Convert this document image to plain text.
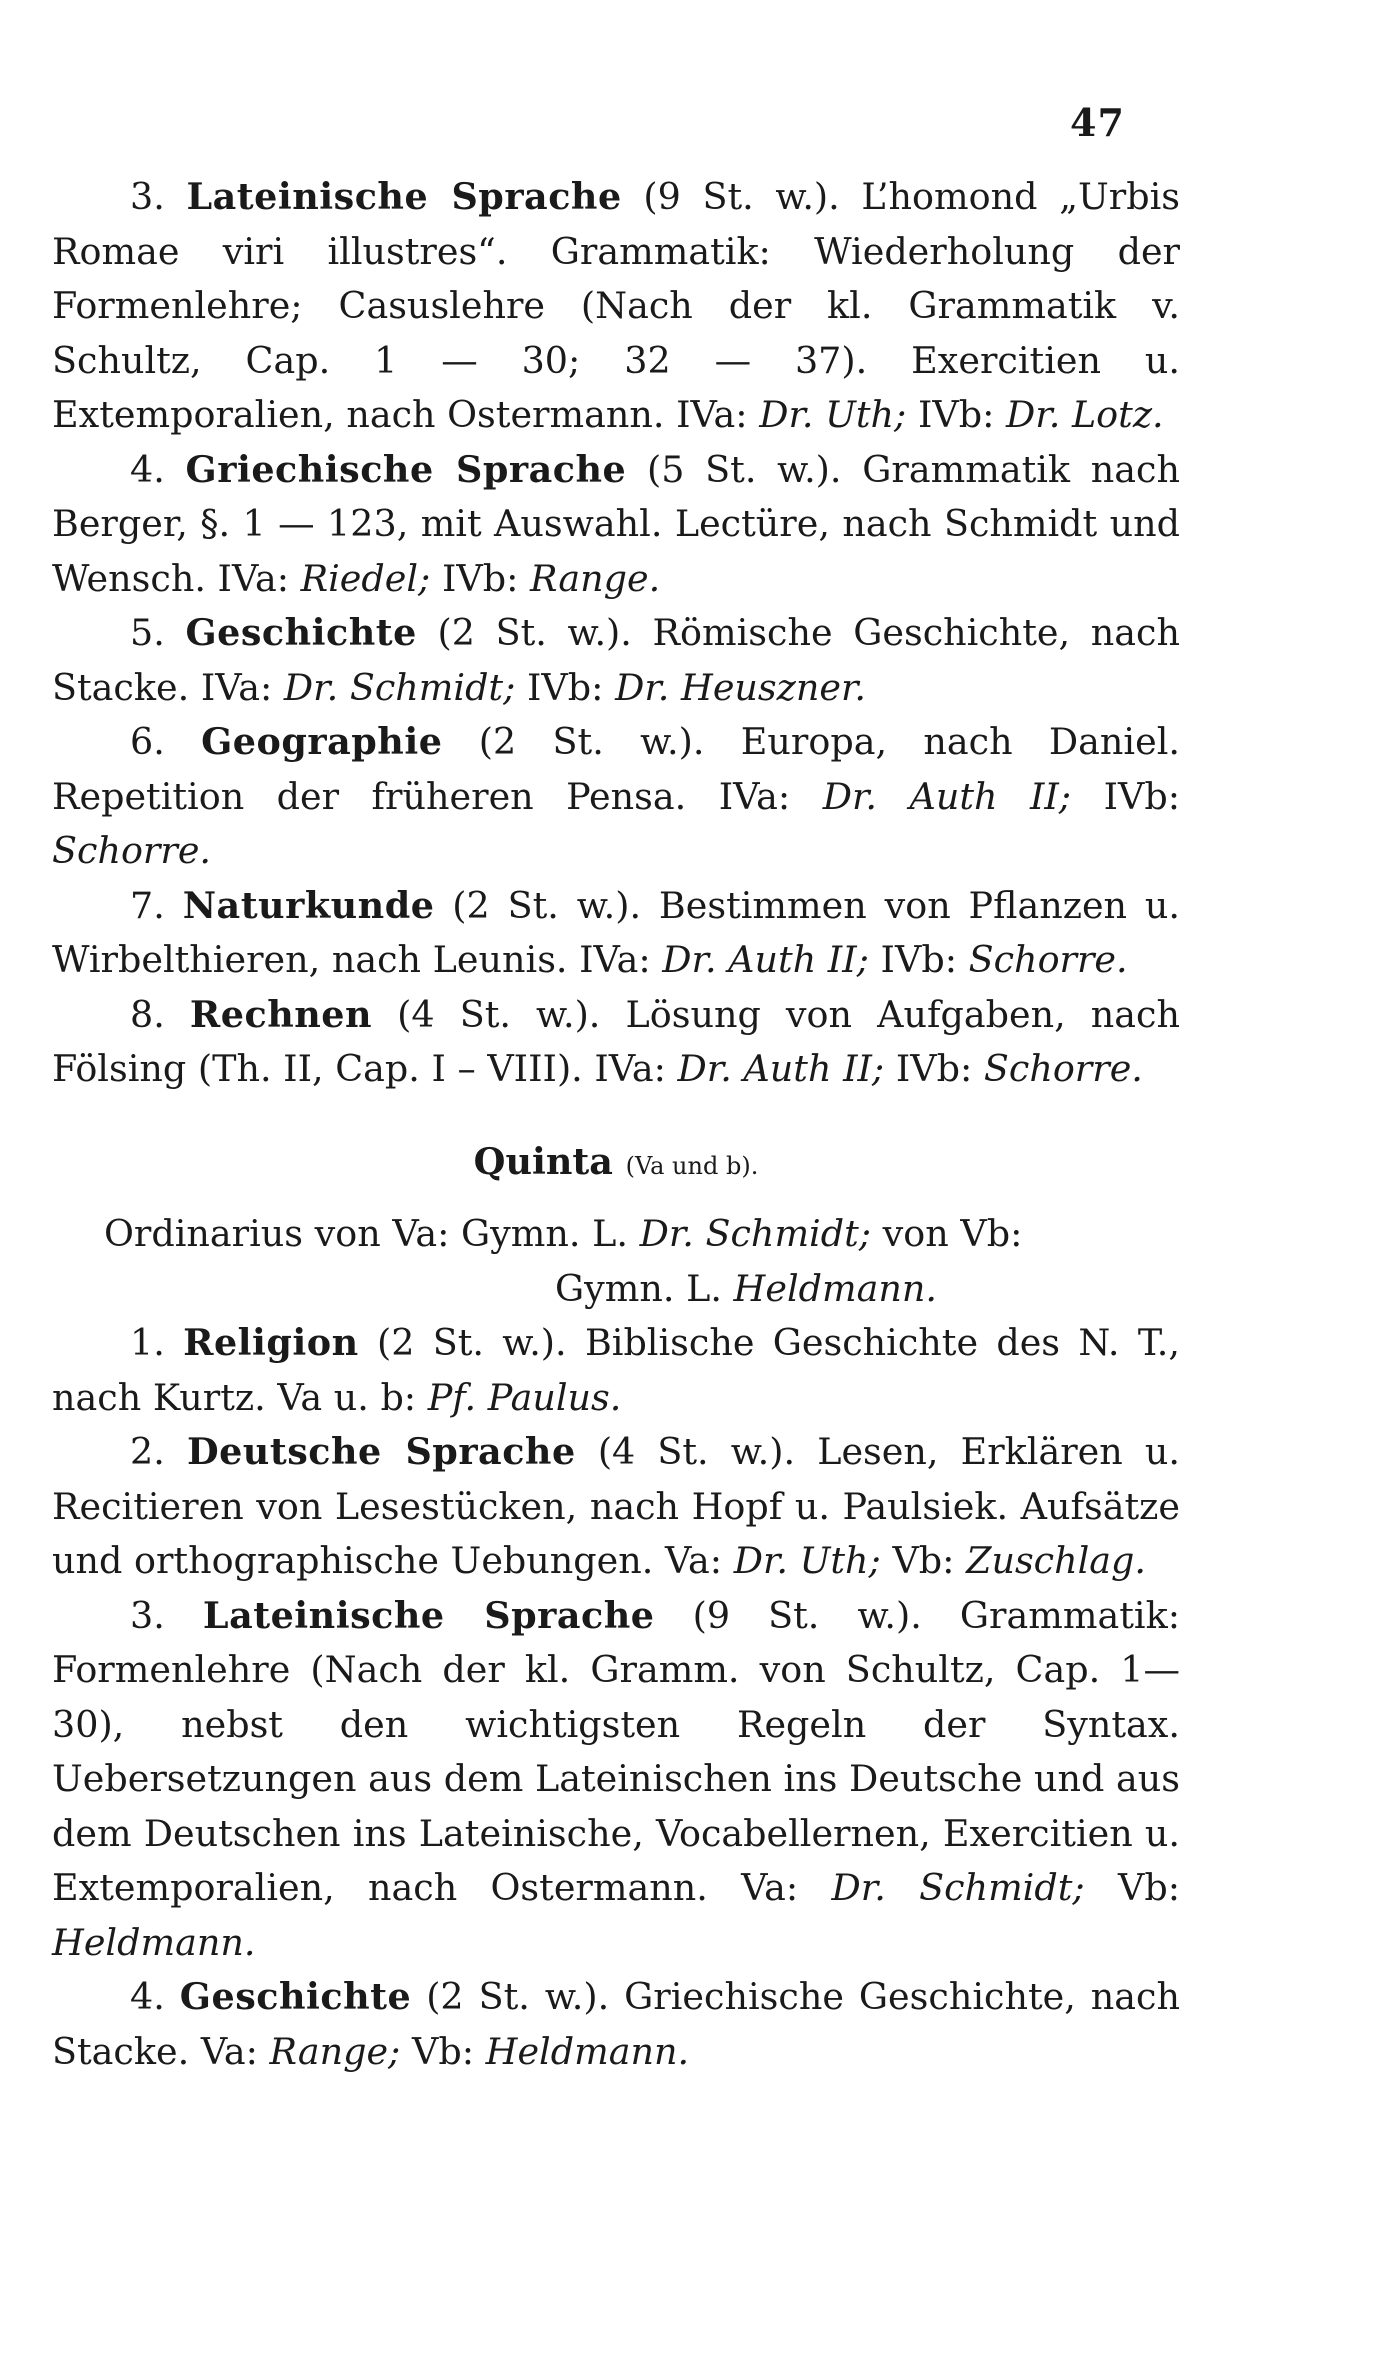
47

3. Lateinische Sprache (9 St. w.). L’homond „Urbis Romae viri illustres“. Grammatik: Wiederholung der Formenlehre; Casuslehre (Nach der kl. Grammatik v. Schultz, Cap. 1 — 30; 32 — 37). Exercitien u. Extemporalien, nach Ostermann. IVa: Dr. Uth; IVb: Dr. Lotz.

4. Griechische Sprache (5 St. w.). Grammatik nach Berger, §. 1 — 123, mit Auswahl. Lectüre, nach Schmidt und Wensch. IVa: Riedel; IVb: Range.

5. Geschichte (2 St. w.). Römische Geschichte, nach Stacke. IVa: Dr. Schmidt; IVb: Dr. Heuszner.

6. Geographie (2 St. w.). Europa, nach Daniel. Repetition der früheren Pensa. IVa: Dr. Auth II; IVb: Schorre.

7. Naturkunde (2 St. w.). Bestimmen von Pflanzen u. Wirbelthieren, nach Leunis. IVa: Dr. Auth II; IVb: Schorre.

8. Rechnen (4 St. w.). Lösung von Aufgaben, nach Fölsing (Th. II, Cap. I – VIII). IVa: Dr. Auth II; IVb: Schorre.

Quinta (Va und b).

Ordinarius von Va: Gymn. L. Dr. Schmidt; von Vb:

Gymn. L. Heldmann.

1. Religion (2 St. w.). Biblische Geschichte des N. T., nach Kurtz. Va u. b: Pf. Paulus.

2. Deutsche Sprache (4 St. w.). Lesen, Erklären u. Recitieren von Lesestücken, nach Hopf u. Paulsiek. Aufsätze und orthographische Uebungen. Va: Dr. Uth; Vb: Zuschlag.

3. Lateinische Sprache (9 St. w.). Grammatik: Formenlehre (Nach der kl. Gramm. von Schultz, Cap. 1—30), nebst den wichtigsten Regeln der Syntax. Uebersetzungen aus dem Lateinischen ins Deutsche und aus dem Deutschen ins Lateinische, Vocabellernen, Exercitien u. Extemporalien, nach Ostermann. Va: Dr. Schmidt; Vb: Heldmann.

4. Geschichte (2 St. w.). Griechische Geschichte, nach Stacke. Va: Range; Vb: Heldmann.
